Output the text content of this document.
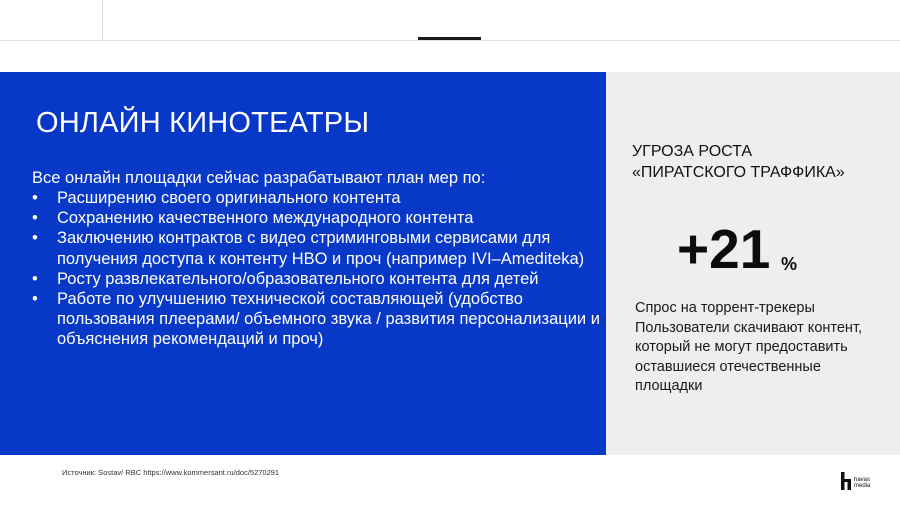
ОНЛАЙН КИНОТЕАТРЫ
Все онлайн площадки сейчас разрабатывают план мер по:
• Расширению своего оригинального контента
• Сохранению качественного международного контента
• Заключению контрактов с видео стриминговыми сервисами для получения доступа к контенту HBO и проч (например IVI–Amediteka)
• Росту развлекательного/образовательного контента для детей
• Работе по улучшению технической составляющей (удобство пользования плеерами/ объемного звука / развития персонализации и объяснения рекомендаций и проч)
УГРОЗА РОСТА
«ПИРАТСКОГО ТРАФФИКА»
+21 %
Спрос на торрент-трекеры
Пользователи скачивают контент,
который не могут предоставить
оставшиеся отечественные
площадки
Источник: Sostav/ RBC https://www.kommersant.ru/doc/5270291
havas
media
